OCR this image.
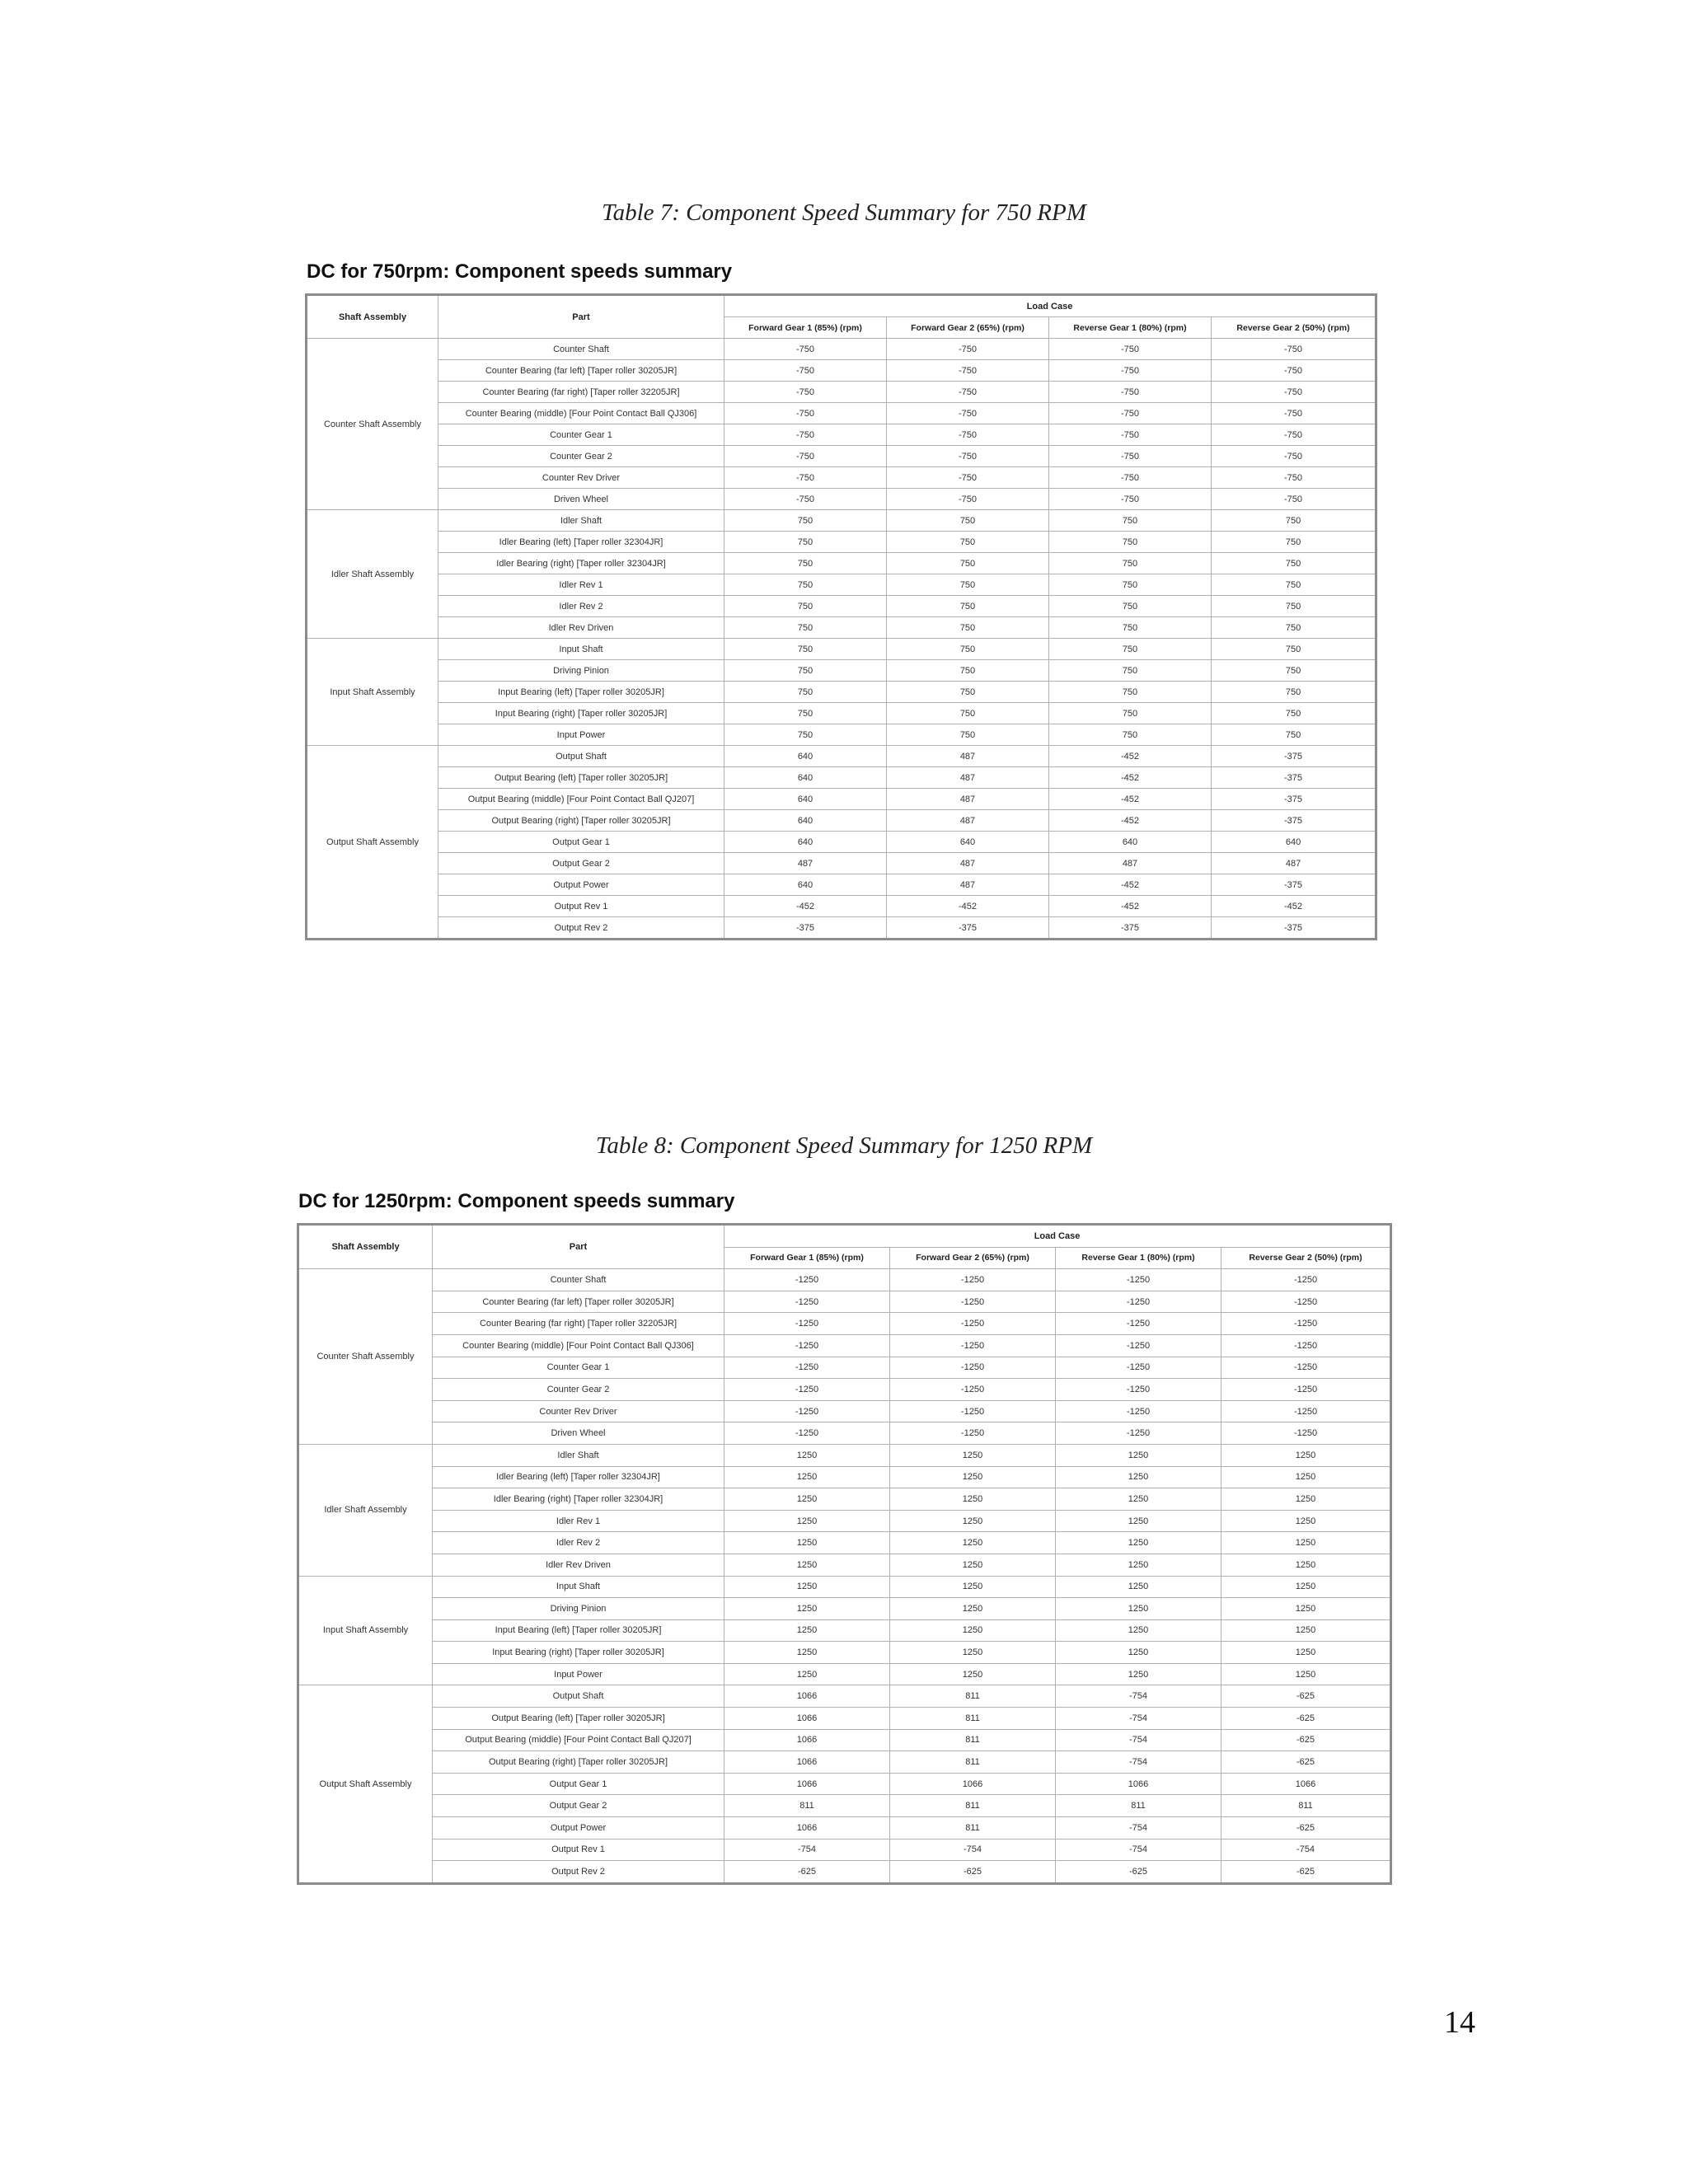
Table 7: Component Speed Summary for 750 RPM
DC for 750rpm: Component speeds summary
Shaft Assembly	Part	Load Case			
		Forward Gear 1 (85%) (rpm)	Forward Gear 2 (65%) (rpm)	Reverse Gear 1 (80%) (rpm)	Reverse Gear 2 (50%) (rpm)
Counter Shaft Assembly	Counter Shaft	-750	-750	-750	-750
	Counter Bearing (far left) [Taper roller 30205JR]	-750	-750	-750	-750
	Counter Bearing (far right) [Taper roller 32205JR]	-750	-750	-750	-750
	Counter Bearing (middle) [Four Point Contact Ball QJ306]	-750	-750	-750	-750
	Counter Gear 1	-750	-750	-750	-750
	Counter Gear 2	-750	-750	-750	-750
	Counter Rev Driver	-750	-750	-750	-750
	Driven Wheel	-750	-750	-750	-750
Idler Shaft Assembly	Idler Shaft	750	750	750	750
	Idler Bearing (left) [Taper roller 32304JR]	750	750	750	750
	Idler Bearing (right) [Taper roller 32304JR]	750	750	750	750
	Idler Rev 1	750	750	750	750
	Idler Rev 2	750	750	750	750
	Idler Rev Driven	750	750	750	750
Input Shaft Assembly	Input Shaft	750	750	750	750
	Driving Pinion	750	750	750	750
	Input Bearing (left) [Taper roller 30205JR]	750	750	750	750
	Input Bearing (right) [Taper roller 30205JR]	750	750	750	750
	Input Power	750	750	750	750
Output Shaft Assembly	Output Shaft	640	487	-452	-375
	Output Bearing (left) [Taper roller 30205JR]	640	487	-452	-375
	Output Bearing (middle) [Four Point Contact Ball QJ207]	640	487	-452	-375
	Output Bearing (right) [Taper roller 30205JR]	640	487	-452	-375
	Output Gear 1	640	640	640	640
	Output Gear 2	487	487	487	487
	Output Power	640	487	-452	-375
	Output Rev 1	-452	-452	-452	-452
	Output Rev 2	-375	-375	-375	-375
Table 8: Component Speed Summary for 1250 RPM
DC for 1250rpm: Component speeds summary
Shaft Assembly	Part	Load Case			
		Forward Gear 1 (85%) (rpm)	Forward Gear 2 (65%) (rpm)	Reverse Gear 1 (80%) (rpm)	Reverse Gear 2 (50%) (rpm)
Counter Shaft Assembly	Counter Shaft	-1250	-1250	-1250	-1250
	Counter Bearing (far left) [Taper roller 30205JR]	-1250	-1250	-1250	-1250
	Counter Bearing (far right) [Taper roller 32205JR]	-1250	-1250	-1250	-1250
	Counter Bearing (middle) [Four Point Contact Ball QJ306]	-1250	-1250	-1250	-1250
	Counter Gear 1	-1250	-1250	-1250	-1250
	Counter Gear 2	-1250	-1250	-1250	-1250
	Counter Rev Driver	-1250	-1250	-1250	-1250
	Driven Wheel	-1250	-1250	-1250	-1250
Idler Shaft Assembly	Idler Shaft	1250	1250	1250	1250
	Idler Bearing (left) [Taper roller 32304JR]	1250	1250	1250	1250
	Idler Bearing (right) [Taper roller 32304JR]	1250	1250	1250	1250
	Idler Rev 1	1250	1250	1250	1250
	Idler Rev 2	1250	1250	1250	1250
	Idler Rev Driven	1250	1250	1250	1250
Input Shaft Assembly	Input Shaft	1250	1250	1250	1250
	Driving Pinion	1250	1250	1250	1250
	Input Bearing (left) [Taper roller 30205JR]	1250	1250	1250	1250
	Input Bearing (right) [Taper roller 30205JR]	1250	1250	1250	1250
	Input Power	1250	1250	1250	1250
Output Shaft Assembly	Output Shaft	1066	811	-754	-625
	Output Bearing (left) [Taper roller 30205JR]	1066	811	-754	-625
	Output Bearing (middle) [Four Point Contact Ball QJ207]	1066	811	-754	-625
	Output Bearing (right) [Taper roller 30205JR]	1066	811	-754	-625
	Output Gear 1	1066	1066	1066	1066
	Output Gear 2	811	811	811	811
	Output Power	1066	811	-754	-625
	Output Rev 1	-754	-754	-754	-754
	Output Rev 2	-625	-625	-625	-625
14
